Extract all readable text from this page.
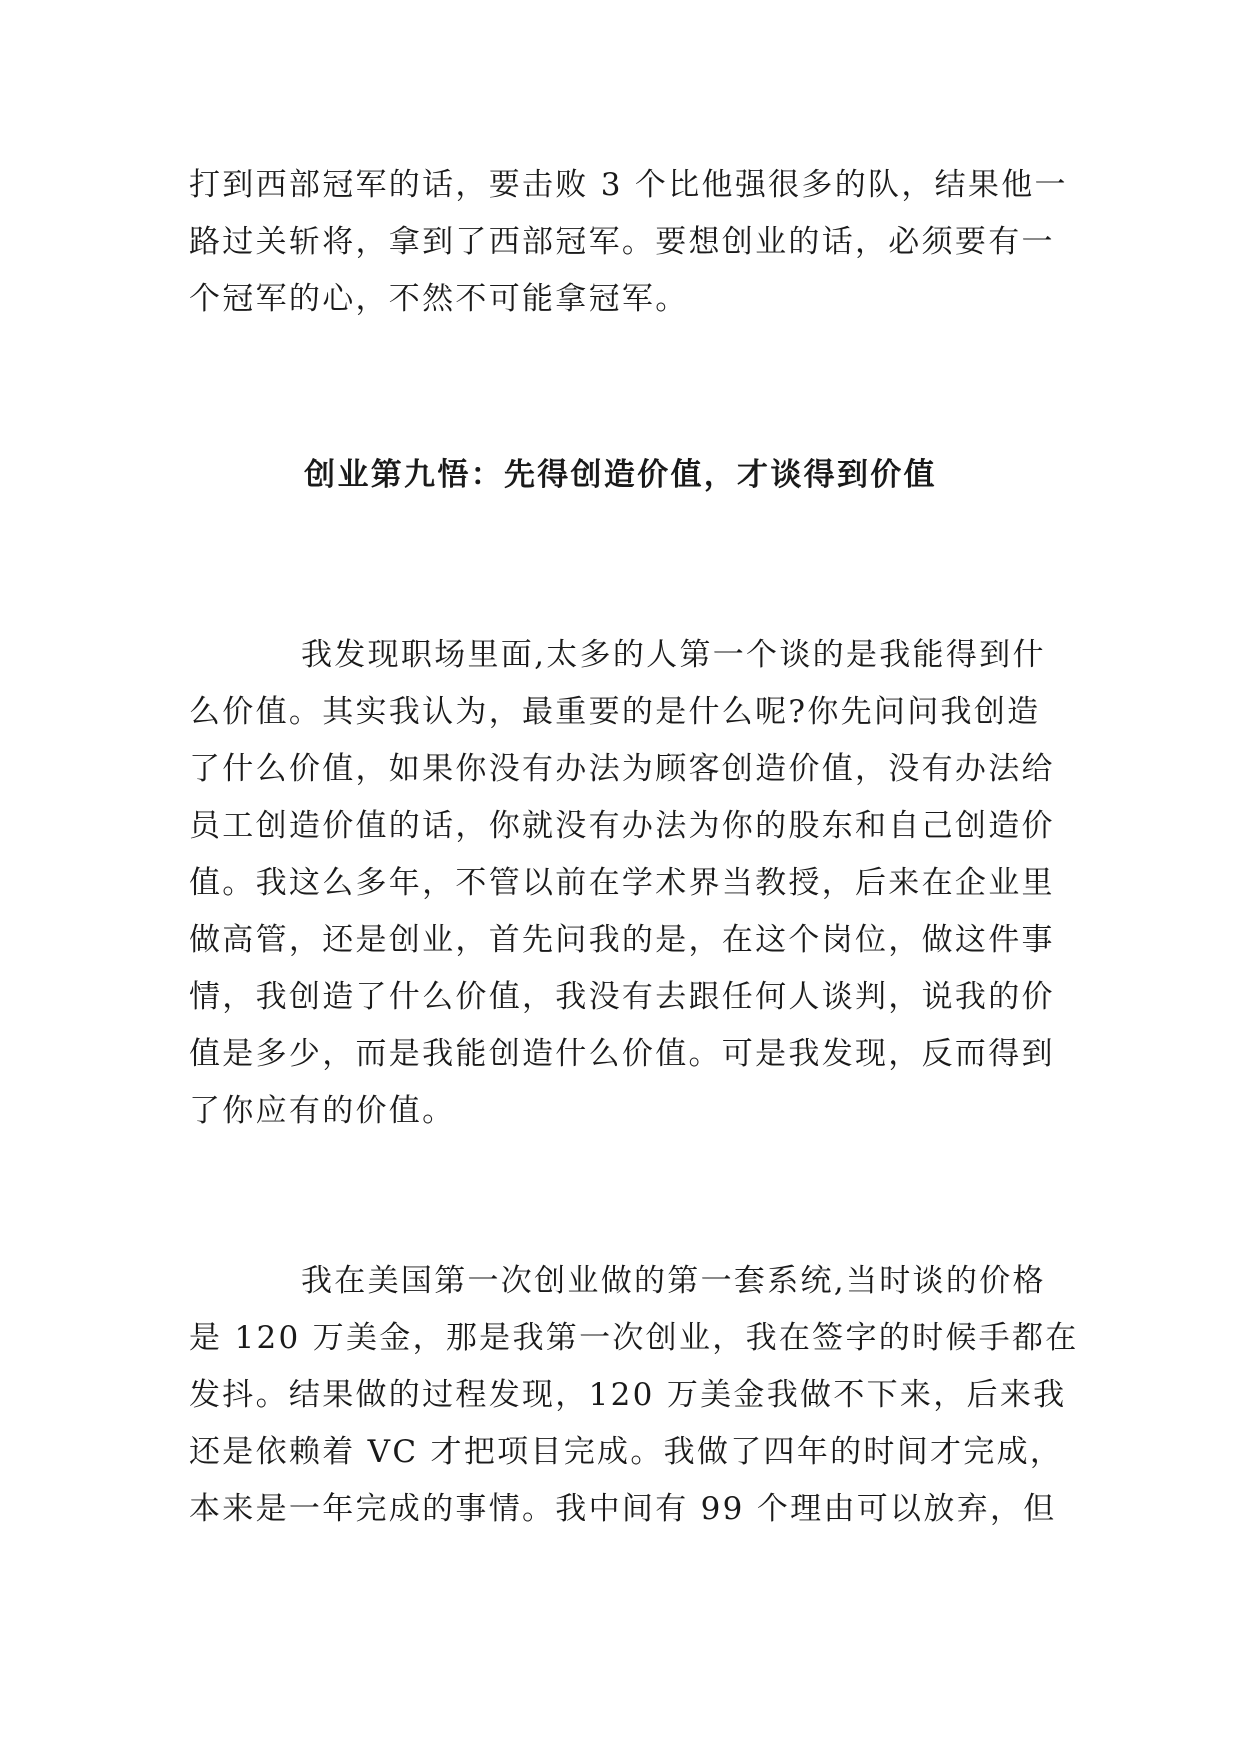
打到西部冠军的话，要击败 3 个比他强很多的队，结果他一
路过关斩将，拿到了西部冠军。要想创业的话，必须要有一
个冠军的心，不然不可能拿冠军。
创业第九悟：先得创造价值，才谈得到价值
我发现职场里面,太多的人第一个谈的是我能得到什
么价值。其实我认为，最重要的是什么呢?你先问问我创造
了什么价值，如果你没有办法为顾客创造价值，没有办法给
员工创造价值的话，你就没有办法为你的股东和自己创造价
值。我这么多年，不管以前在学术界当教授，后来在企业里
做高管，还是创业，首先问我的是，在这个岗位，做这件事
情，我创造了什么价值，我没有去跟任何人谈判，说我的价
值是多少，而是我能创造什么价值。可是我发现，反而得到
了你应有的价值。
我在美国第一次创业做的第一套系统,当时谈的价格
是 120 万美金，那是我第一次创业，我在签字的时候手都在
发抖。结果做的过程发现，120 万美金我做不下来，后来我
还是依赖着 VC 才把项目完成。我做了四年的时间才完成，
本来是一年完成的事情。我中间有 99 个理由可以放弃，但
